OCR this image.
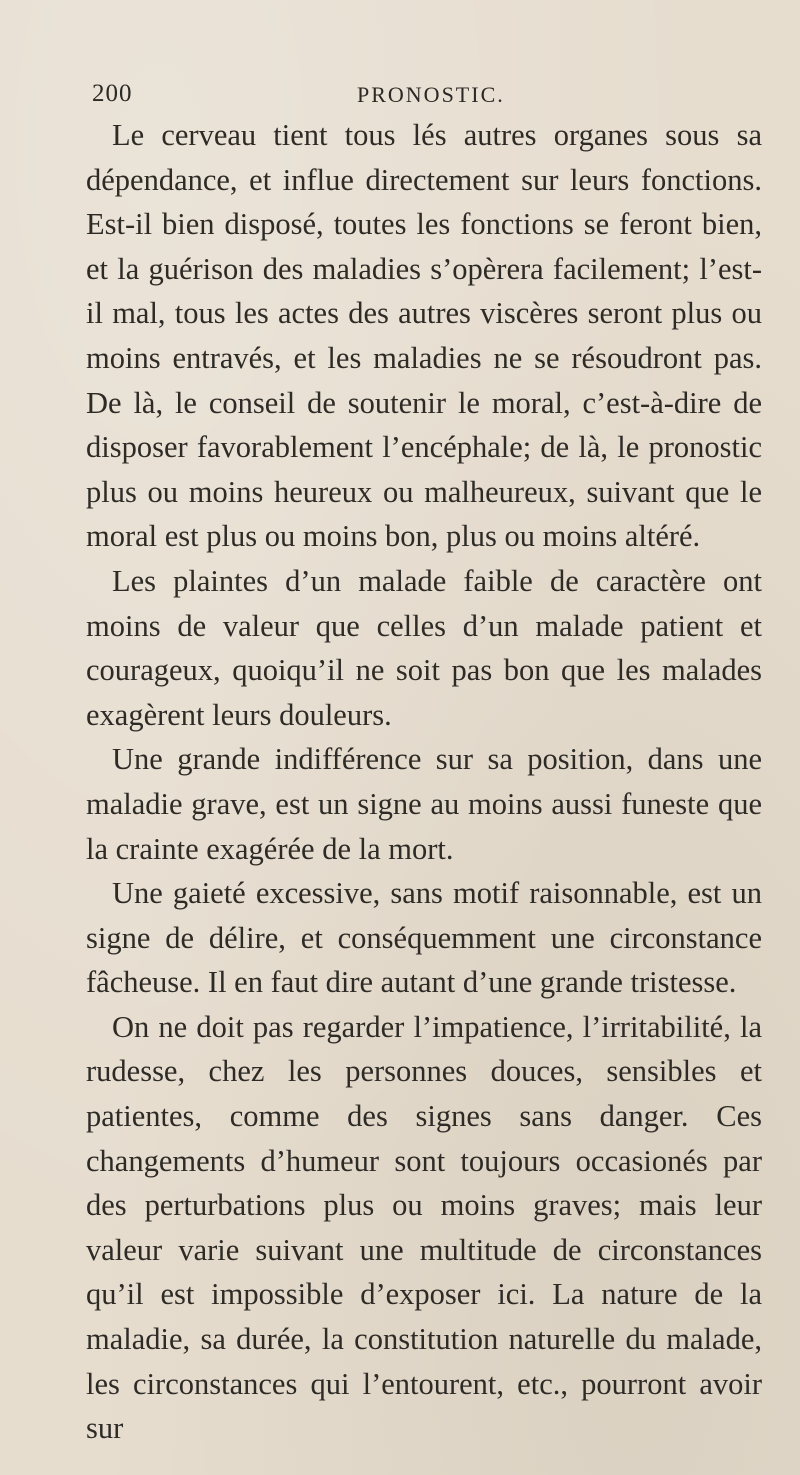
200	PRONOSTIC.

Le cerveau tient tous lés autres organes sous sa dépendance, et influe directement sur leurs fonctions. Est-il bien disposé, toutes les fonctions se feront bien, et la guérison des maladies s’opèrera facilement; l’est-il mal, tous les actes des autres viscères seront plus ou moins entravés, et les maladies ne se résoudront pas. De là, le conseil de soutenir le moral, c’est-à-dire de disposer favorablement l’encéphale; de là, le pronostic plus ou moins heureux ou malheureux, suivant que le moral est plus ou moins bon, plus ou moins altéré.

Les plaintes d’un malade faible de caractère ont moins de valeur que celles d’un malade patient et courageux, quoiqu’il ne soit pas bon que les malades exagèrent leurs douleurs.

Une grande indifférence sur sa position, dans une maladie grave, est un signe au moins aussi funeste que la crainte exagérée de la mort.

Une gaieté excessive, sans motif raisonnable, est un signe de délire, et conséquemment une circonstance fâcheuse. Il en faut dire autant d’une grande tristesse.

On ne doit pas regarder l’impatience, l’irritabilité, la rudesse, chez les personnes douces, sensibles et patientes, comme des signes sans danger. Ces changements d’humeur sont toujours occasionés par des perturbations plus ou moins graves; mais leur valeur varie suivant une multitude de circonstances qu’il est impossible d’exposer ici. La nature de la maladie, sa durée, la constitution naturelle du malade, les circonstances qui l’entourent, etc., pourront avoir sur
